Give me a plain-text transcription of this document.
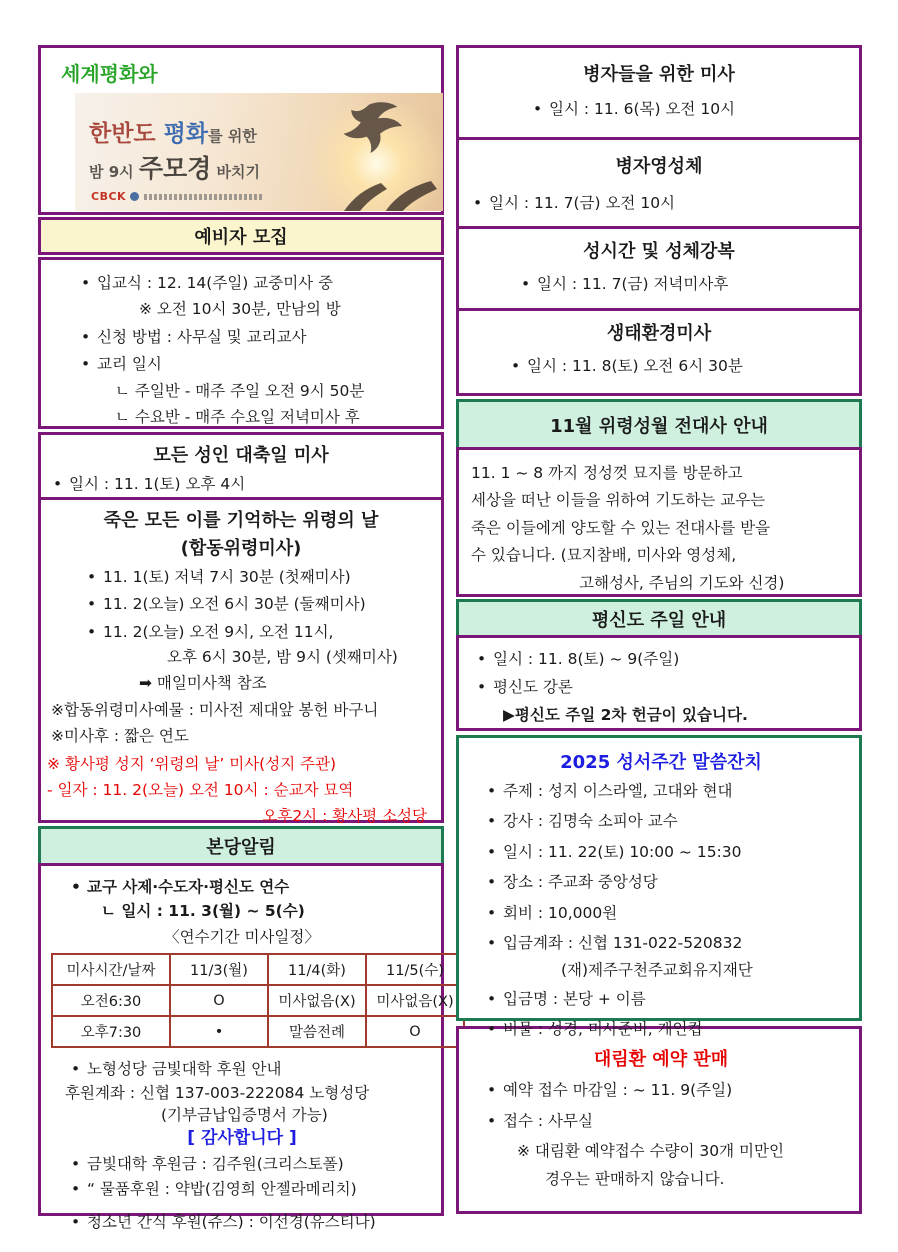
세계평화와
한반도 평화를 위한
밤 9시 주모경 바치기
CBCK
예비자 모집
• 입교식 : 12. 14(주일) 교중미사 중
※ 오전 10시 30분, 만남의 방
• 신청 방법 : 사무실 및 교리교사
• 교리 일시
ㄴ 주일반 - 매주 주일 오전 9시 50분
ㄴ 수요반 - 매주 수요일 저녁미사 후
모든 성인 대축일 미사
• 일시 : 11. 1(토) 오후 4시
죽은 모든 이를 기억하는 위령의 날
(합동위령미사)
• 11. 1(토) 저녁 7시 30분 (첫째미사)
• 11. 2(오늘) 오전 6시 30분 (둘째미사)
• 11. 2(오늘) 오전 9시, 오전 11시,
오후 6시 30분, 밤 9시 (셋째미사)
➡ 매일미사책 참조
※합동위령미사예물 : 미사전 제대앞 봉헌 바구니
※미사후 : 짧은 연도
※ 황사평 성지 ‘위령의 날’ 미사(성지 주관)
- 일자 : 11. 2(오늘) 오전 10시 : 순교자 묘역
오후2시 : 황사평 소성당
본당알림
• 교구 사제·수도자·평신도 연수
ㄴ 일시 : 11. 3(월) ~ 5(수)
〈연수기간 미사일정〉
미사시간/날짜	11/3(월)	11/4(화)	11/5(수)
오전6:30	O	미사없음(X)	미사없음(X)
오후7:30	•	말씀전례	O
• 노형성당 금빛대학 후원 안내
후원계좌 : 신협 137-003-222084 노형성당
(기부금납입증명서 가능)
[ 감사합니다 ]
• 금빛대학 후원금 : 김주원(크리스토폴)
• “ 물품후원 : 약밥(김영희 안젤라메리치)
• 청소년 간식 후원(쥬스) : 이선경(유스티나)
병자들을 위한 미사
• 일시 : 11. 6(목) 오전 10시
병자영성체
• 일시 : 11. 7(금) 오전 10시
성시간 및 성체강복
• 일시 : 11. 7(금) 저녁미사후
생태환경미사
• 일시 : 11. 8(토) 오전 6시 30분
11월 위령성월 전대사 안내
11. 1 ~ 8 까지 정성껏 묘지를 방문하고
세상을 떠난 이들을 위하여 기도하는 교우는
죽은 이들에게 양도할 수 있는 전대사를 받을
수 있습니다. (묘지참배, 미사와 영성체,
고해성사, 주님의 기도와 신경)
평신도 주일 안내
• 일시 : 11. 8(토) ~ 9(주일)
• 평신도 강론
▶평신도 주일 2차 헌금이 있습니다.
2025 성서주간 말씀잔치
• 주제 : 성지 이스라엘, 고대와 현대
• 강사 : 김명숙 소피아 교수
• 일시 : 11. 22(토) 10:00 ~ 15:30
• 장소 : 주교좌 중앙성당
• 회비 : 10,000원
• 입금계좌 : 신협 131-022-520832
(재)제주구천주교회유지재단
• 입금명 : 본당 + 이름
• 비물 : 성경, 미사준비, 개인컵
대림환 예약 판매
• 예약 접수 마감일 : ~ 11. 9(주일)
• 접수 : 사무실
※ 대림환 예약접수 수량이 30개 미만인
경우는 판매하지 않습니다.
